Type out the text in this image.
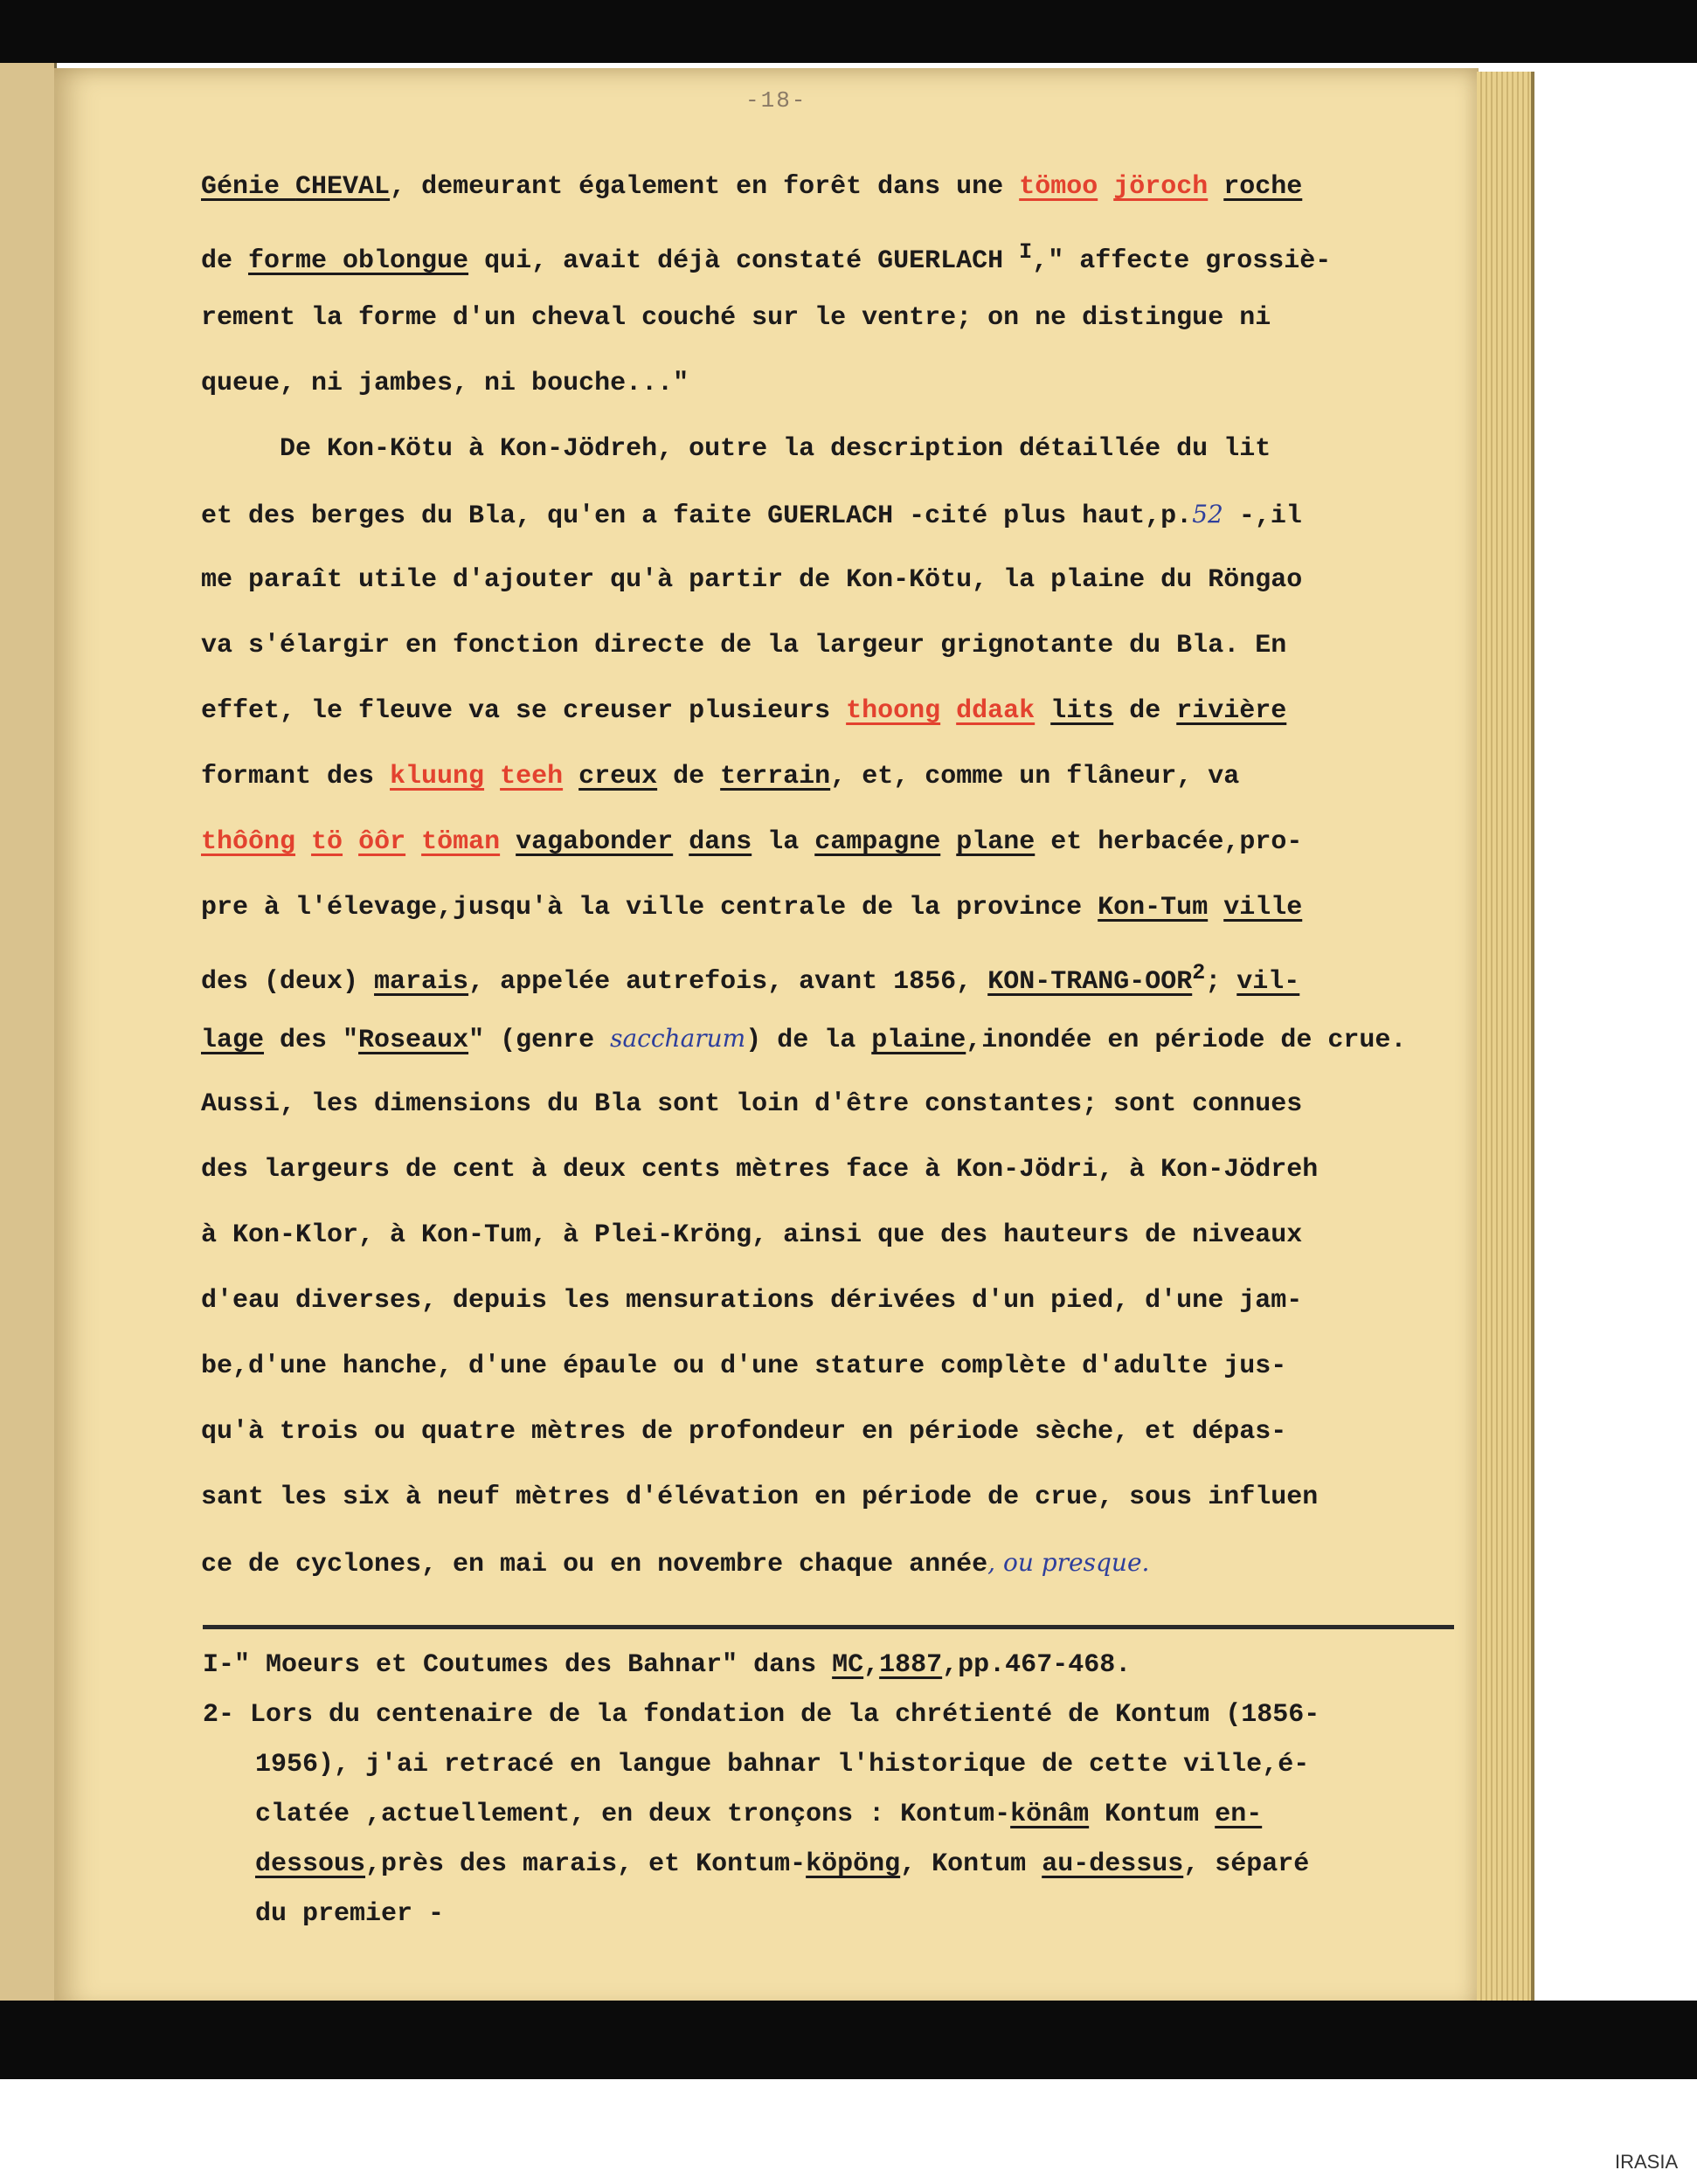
-18-
Génie CHEVAL, demeurant également en forêt dans une tömoo jöroch roche
de forme oblongue qui, avait déjà constaté GUERLACH $^I$," affecte grossiè-
rement la forme d'un cheval couché sur le ventre; on ne distingue ni
queue, ni jambes, ni bouche..."
De Kon-Kötu à Kon-Jödreh, outre la description détaillée du lit
et des berges du Bla, qu'en a faite GUERLACH -cité plus haut,p.52 -,il
me paraît utile d'ajouter qu'à partir de Kon-Kötu, la plaine du Röngao
va s'élargir en fonction directe de la largeur grignotante du Bla. En
effet, le fleuve va se creuser plusieurs thoong ddaak lits de rivière
formant des kluung teeh creux de terrain, et, comme un flâneur, va
thôông tö ôôr töman vagabonder dans la campagne plane et herbacée,pro-
pre à l'élevage,jusqu'à la ville centrale de la province Kon-Tum ville
des (deux) marais, appelée autrefois, avant 1856, KON-TRANG-OOR$^2$; vil-
lage des "Roseaux" (genre saccharum) de la plaine,inondée en période de crue.
Aussi, les dimensions du Bla sont loin d'être constantes; sont connues
des largeurs de cent à deux cents mètres face à Kon-Jödri, à Kon-Jödreh
à Kon-Klor, à Kon-Tum, à Plei-Kröng, ainsi que des hauteurs de niveaux
d'eau diverses, depuis les mensurations dérivées d'un pied, d'une jam-
be,d'une hanche, d'une épaule ou d'une stature complète d'adulte jus-
qu'à trois ou quatre mètres de profondeur en période sèche, et dépas-
sant les six à neuf mètres d'élévation en période de crue, sous influen
ce de cyclones, en mai ou en novembre chaque année, ou presque.
I-" Moeurs et Coutumes des Bahnar" dans MC,1887,pp.467-468.
2- Lors du centenaire de la fondation de la chrétienté de Kontum (1856-
1956), j'ai retracé en langue bahnar l'historique de cette ville,é-
clatée ,actuellement, en deux tronçons : Kontum-könâm Kontum en-
dessous,près des marais, et Kontum-köpöng, Kontum au-dessus, séparé
du premier -
IRASIA
